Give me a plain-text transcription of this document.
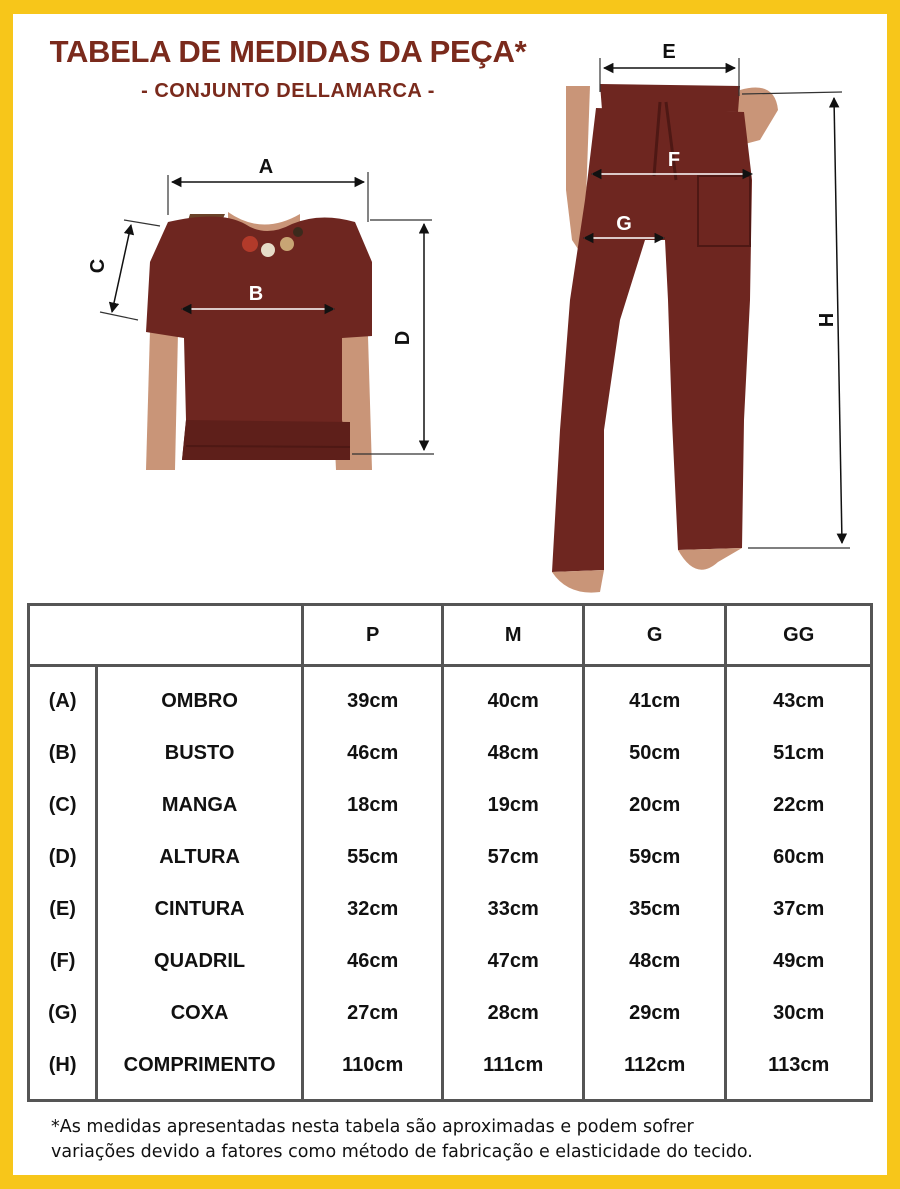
TABELA DE MEDIDAS DA PEÇA*
- CONJUNTO DELLAMARCA -
A
B
C
D
E
F
G
H
		P	M	G	GG
(A)	OMBRO	39cm	40cm	41cm	43cm
(B)	BUSTO	46cm	48cm	50cm	51cm
(C)	MANGA	18cm	19cm	20cm	22cm
(D)	ALTURA	55cm	57cm	59cm	60cm
(E)	CINTURA	32cm	33cm	35cm	37cm
(F)	QUADRIL	46cm	47cm	48cm	49cm
(G)	COXA	27cm	28cm	29cm	30cm
(H)	COMPRIMENTO	110cm	111cm	112cm	113cm
*As medidas apresentadas nesta tabela são aproximadas e podem sofrer
variações devido a fatores como método de fabricação e elasticidade do tecido.
